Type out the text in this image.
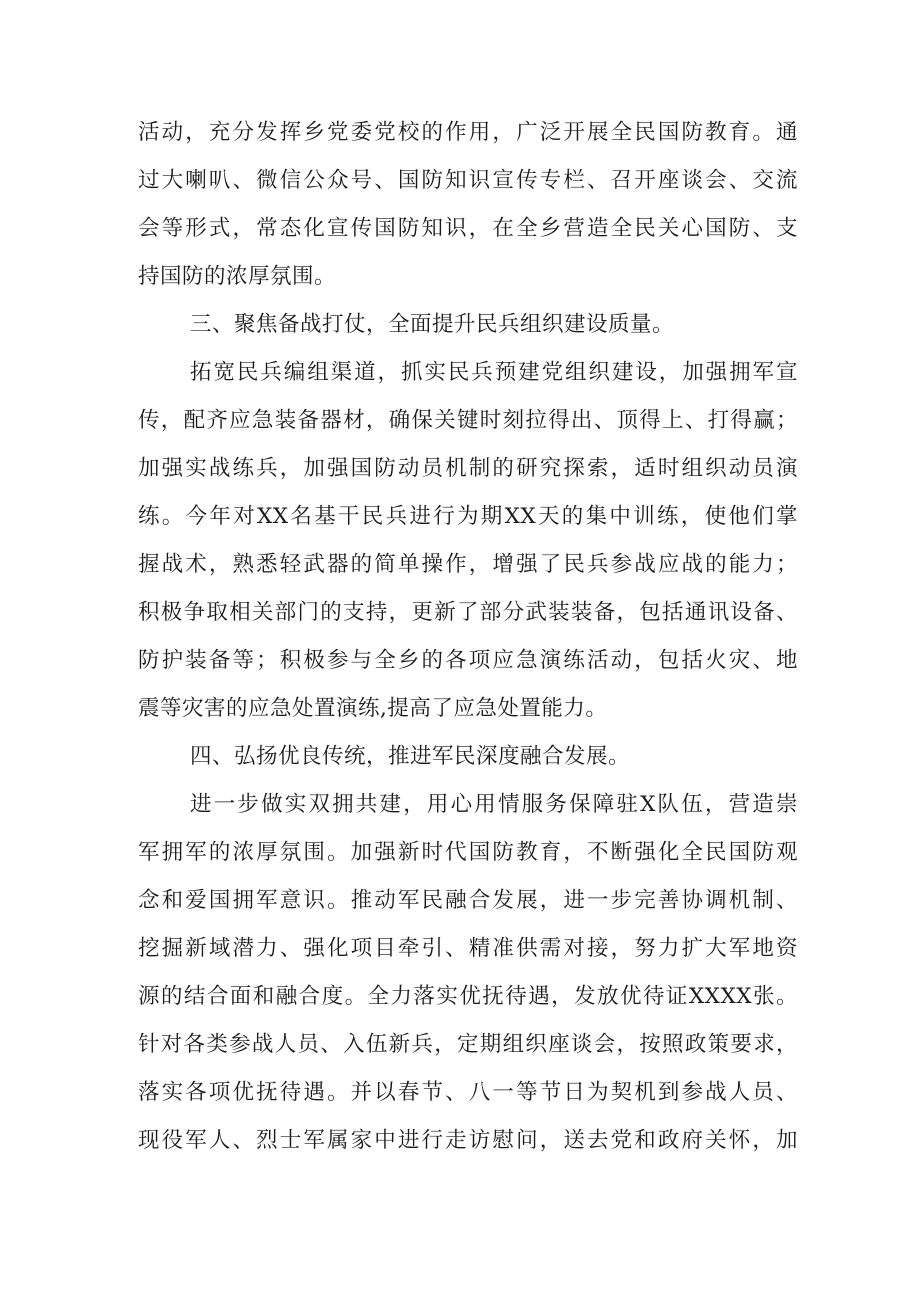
活动，充分发挥乡党委党校的作用，广泛开展全民国防教育。通
过大喇叭、微信公众号、国防知识宣传专栏、召开座谈会、交流
会等形式，常态化宣传国防知识，在全乡营造全民关心国防、支
持国防的浓厚氛围。
三、聚焦备战打仗，全面提升民兵组织建设质量。
拓宽民兵编组渠道，抓实民兵预建党组织建设，加强拥军宣
传，配齐应急装备器材，确保关键时刻拉得出、顶得上、打得赢；
加强实战练兵，加强国防动员机制的研究探索，适时组织动员演
练。今年对XX名基干民兵进行为期XX天的集中训练，使他们掌
握战术，熟悉轻武器的简单操作，增强了民兵参战应战的能力；
积极争取相关部门的支持，更新了部分武装装备，包括通讯设备、
防护装备等；积极参与全乡的各项应急演练活动，包括火灾、地
震等灾害的应急处置演练,提高了应急处置能力。
四、弘扬优良传统，推进军民深度融合发展。
进一步做实双拥共建，用心用情服务保障驻X队伍，营造崇
军拥军的浓厚氛围。加强新时代国防教育，不断强化全民国防观
念和爱国拥军意识。推动军民融合发展，进一步完善协调机制、
挖掘新域潜力、强化项目牵引、精准供需对接，努力扩大军地资
源的结合面和融合度。全力落实优抚待遇，发放优待证XXXX张。
针对各类参战人员、入伍新兵，定期组织座谈会，按照政策要求，
落实各项优抚待遇。并以春节、八一等节日为契机到参战人员、
现役军人、烈士军属家中进行走访慰问，送去党和政府关怀，加
